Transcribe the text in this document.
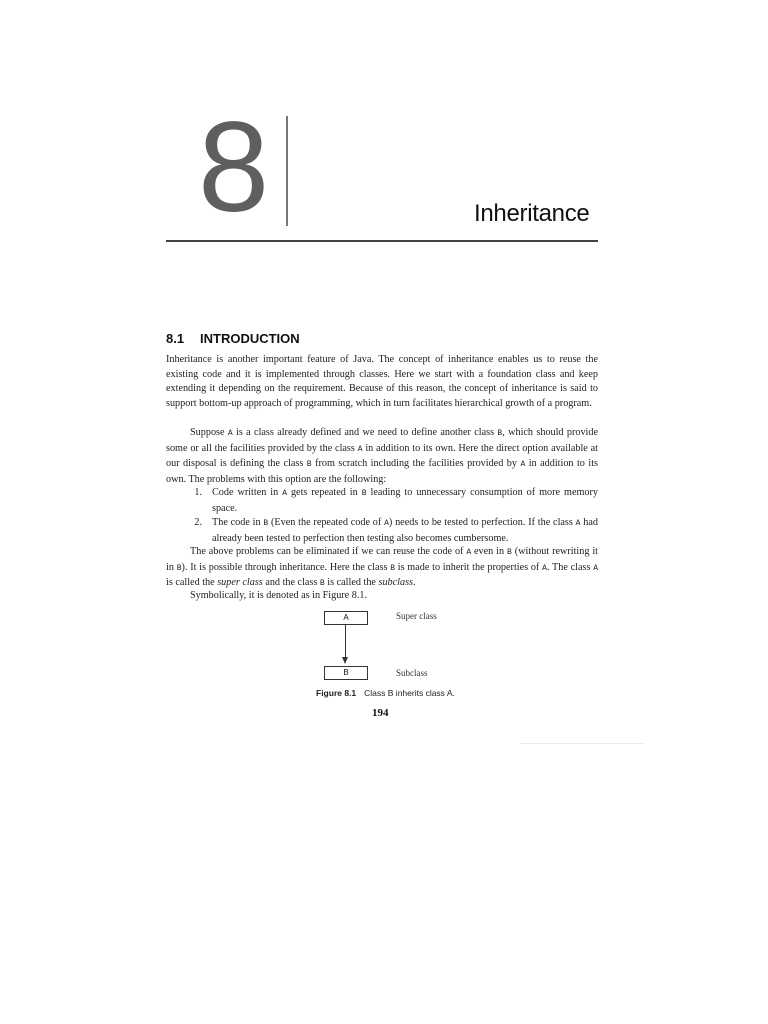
8	Inheritance
8.1 INTRODUCTION

Inheritance is another important feature of Java. The concept of inheritance enables us to reuse the existing code and it is implemented through classes. Here we start with a foundation class and keep extending it depending on the requirement. Because of this reason, the concept of inheritance is said to support bottom-up approach of programming, which in turn facilitates hierarchical growth of a program.

Suppose A is a class already defined and we need to define another class B, which should provide some or all the facilities provided by the class A in addition to its own. Here the direct option available at our disposal is defining the class B from scratch including the facilities provided by A in addition to its own. The problems with this option are the following:

1. Code written in A gets repeated in B leading to unnecessary consumption of more memory space.
2. The code in B (Even the repeated code of A) needs to be tested to perfection. If the class A had already been tested to perfection then testing also becomes cumbersome.

The above problems can be eliminated if we can reuse the code of A even in B (without rewriting it in B). It is possible through inheritance. Here the class B is made to inherit the properties of A. The class A is called the super class and the class B is called the subclass.

Symbolically, it is denoted as in Figure 8.1.

A
B
Super class
Subclass
Figure 8.1 Class B inherits class A.
194
